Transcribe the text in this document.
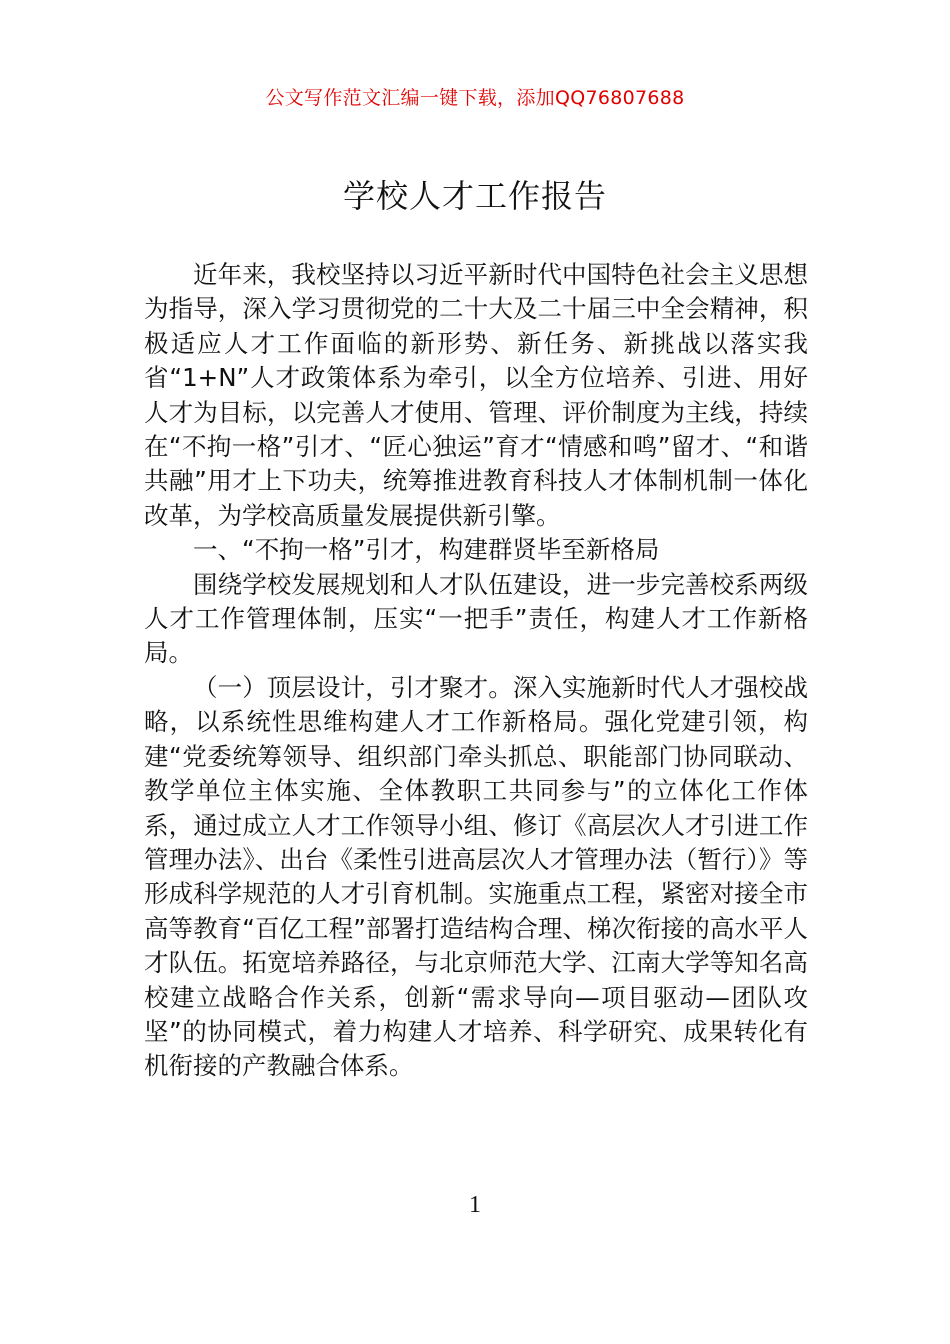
公文写作范文汇编一键下载，添加QQ76807688
学校人才工作报告

近年来，我校坚持以习近平新时代中国特色社会主义思想为指导，深入学习贯彻党的二十大及二十届三中全会精神，积极适应人才工作面临的新形势、新任务、新挑战以落实我省“1+N”人才政策体系为牵引，以全方位培养、引进、用好人才为目标，以完善人才使用、管理、评价制度为主线，持续在“不拘一格”引才、“匠心独运”育才“情感和鸣”留才、“和谐共融”用才上下功夫，统筹推进教育科技人才体制机制一体化改革，为学校高质量发展提供新引擎。

一、“不拘一格”引才，构建群贤毕至新格局

围绕学校发展规划和人才队伍建设，进一步完善校系两级人才工作管理体制，压实“一把手”责任，构建人才工作新格局。

（一）顶层设计，引才聚才。深入实施新时代人才强校战略，以系统性思维构建人才工作新格局。强化党建引领，构建“党委统筹领导、组织部门牵头抓总、职能部门协同联动、教学单位主体实施、全体教职工共同参与”的立体化工作体系，通过成立人才工作领导小组、修订《高层次人才引进工作管理办法》、出台《柔性引进高层次人才管理办法（暂行）》等形成科学规范的人才引育机制。实施重点工程，紧密对接全市高等教育“百亿工程”部署打造结构合理、梯次衔接的高水平人才队伍。拓宽培养路径，与北京师范大学、江南大学等知名高校建立战略合作关系，创新“需求导向—项目驱动—团队攻坚”的协同模式，着力构建人才培养、科学研究、成果转化有机衔接的产教融合体系。

1
